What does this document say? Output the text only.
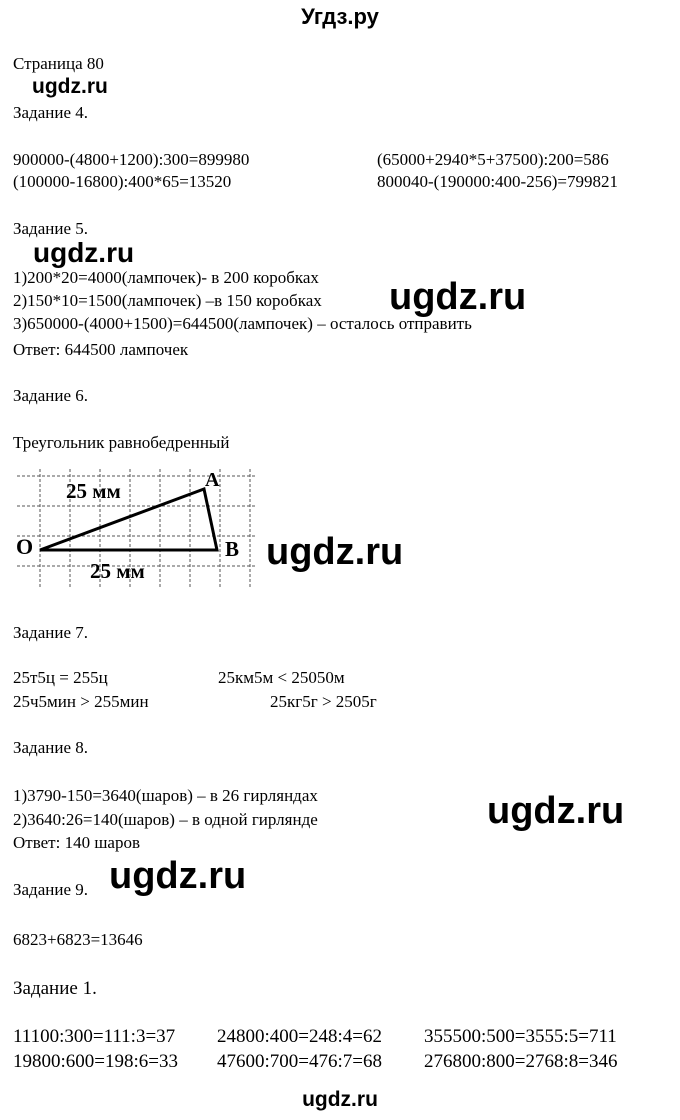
Угдз.ру
Страница 80
ugdz.ru
Задание 4.
900000-(4800+1200):300=899980	(65000+2940*5+37500):200=586
(100000-16800):400*65=13520	800040-(190000:400-256)=799821
Задание 5.
ugdz.ru
1)200*20=4000(лампочек)- в 200 коробках
2)150*10=1500(лампочек) –в 150 коробках
3)650000-(4000+1500)=644500(лампочек) – осталось отправить
Ответ: 644500 лампочек
ugdz.ru
Задание 6.
Треугольник равнобедренный
O
A
B
25 мм
25 мм	ugdz.ru
Задание 7.
25т5ц = 255ц	25км5м < 25050м
25ч5мин > 255мин	25кг5г > 2505г
Задание 8.
1)3790-150=3640(шаров) – в 26 гирляндах
2)3640:26=140(шаров) – в одной гирлянде
Ответ: 140 шаров
ugdz.ru
Задание 9. ugdz.ru
6823+6823=13646
Задание 1.
11100:300=111:3=37 24800:400=248:4=62 355500:500=3555:5=711
19800:600=198:6=33 47600:700=476:7=68 276800:800=2768:8=346
ugdz.ru
